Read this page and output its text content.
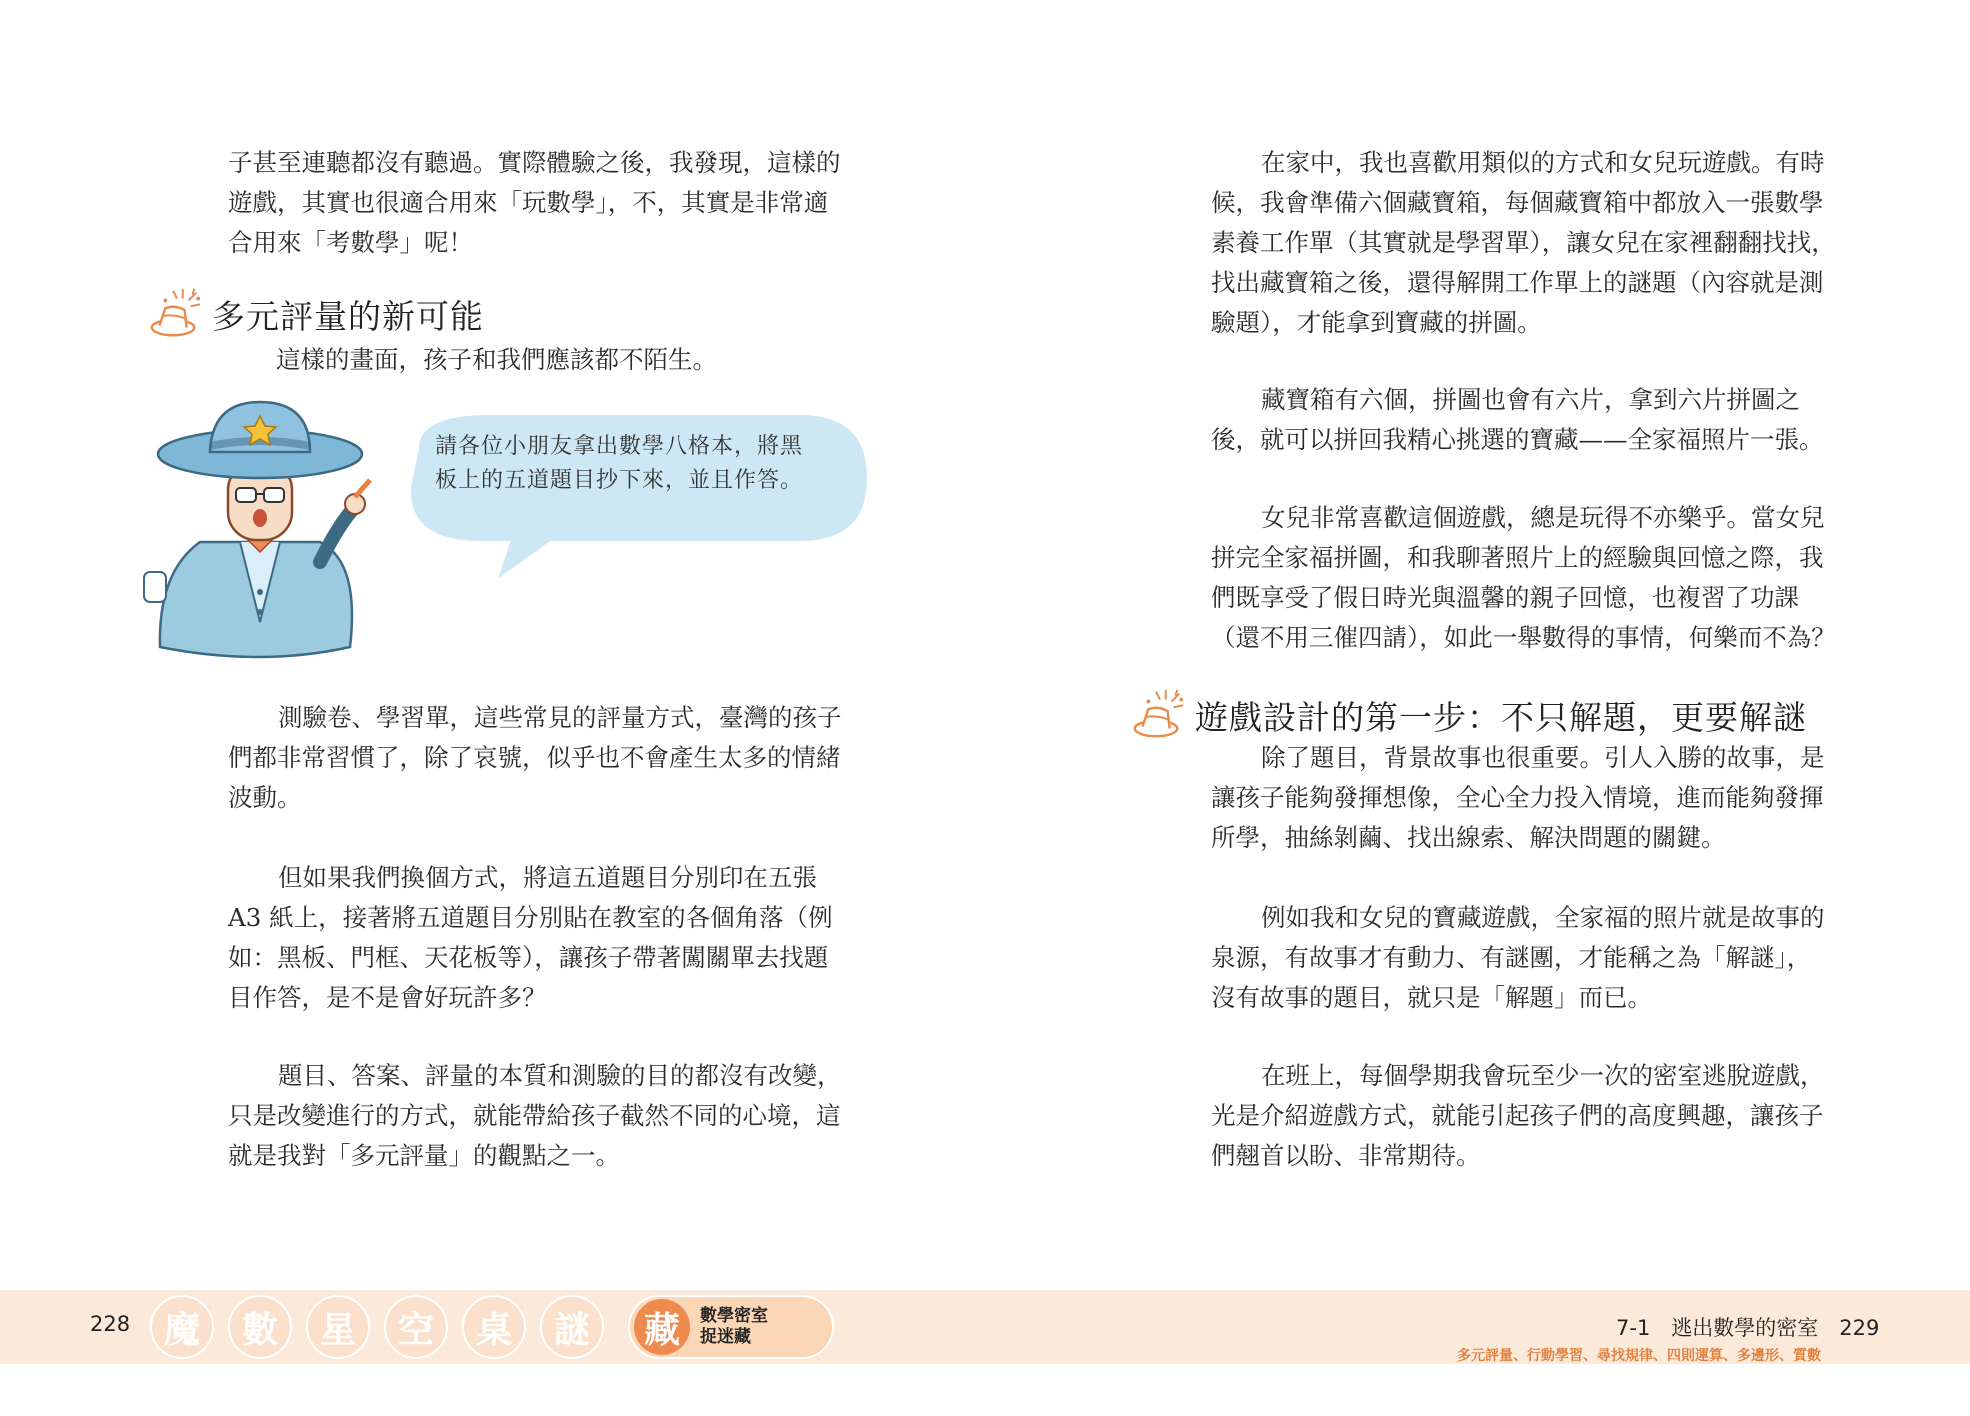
子甚至連聽都沒有聽過。實際體驗之後，我發現，這樣的
遊戲，其實也很適合用來「玩數學」，不，其實是非常適
合用來「考數學」呢！

多元評量的新可能

這樣的畫面，孩子和我們應該都不陌生。

請各位小朋友拿出數學八格本，將黑
板上的五道題目抄下來，並且作答。

測驗卷、學習單，這些常見的評量方式，臺灣的孩子
們都非常習慣了，除了哀號，似乎也不會產生太多的情緒
波動。

但如果我們換個方式，將這五道題目分別印在五張
A3 紙上，接著將五道題目分別貼在教室的各個角落（例
如：黑板、門框、天花板等），讓孩子帶著闖關單去找題
目作答，是不是會好玩許多？

題目、答案、評量的本質和測驗的目的都沒有改變，
只是改變進行的方式，就能帶給孩子截然不同的心境，這
就是我對「多元評量」的觀點之一。

在家中，我也喜歡用類似的方式和女兒玩遊戲。有時
候，我會準備六個藏寶箱，每個藏寶箱中都放入一張數學
素養工作單（其實就是學習單），讓女兒在家裡翻翻找找，
找出藏寶箱之後，還得解開工作單上的謎題（內容就是測
驗題），才能拿到寶藏的拼圖。

藏寶箱有六個，拼圖也會有六片，拿到六片拼圖之
後，就可以拼回我精心挑選的寶藏——全家福照片一張。

女兒非常喜歡這個遊戲，總是玩得不亦樂乎。當女兒
拼完全家福拼圖，和我聊著照片上的經驗與回憶之際，我
們既享受了假日時光與溫馨的親子回憶，也複習了功課
（還不用三催四請），如此一舉數得的事情，何樂而不為？

遊戲設計的第一步：不只解題，更要解謎

除了題目，背景故事也很重要。引人入勝的故事，是
讓孩子能夠發揮想像，全心全力投入情境，進而能夠發揮
所學，抽絲剝繭、找出線索、解決問題的關鍵。

例如我和女兒的寶藏遊戲，全家福的照片就是故事的
泉源，有故事才有動力、有謎團，才能稱之為「解謎」，
沒有故事的題目，就只是「解題」而已。

在班上，每個學期我會玩至少一次的密室逃脫遊戲，
光是介紹遊戲方式，就能引起孩子們的高度興趣，讓孩子
們翹首以盼、非常期待。

228 魔	數	星	空	桌	謎	藏	數學密室
捉迷藏	7-1　逃出數學的密室　229
多元評量、行動學習、尋找規律、四則運算、多邊形、質數
